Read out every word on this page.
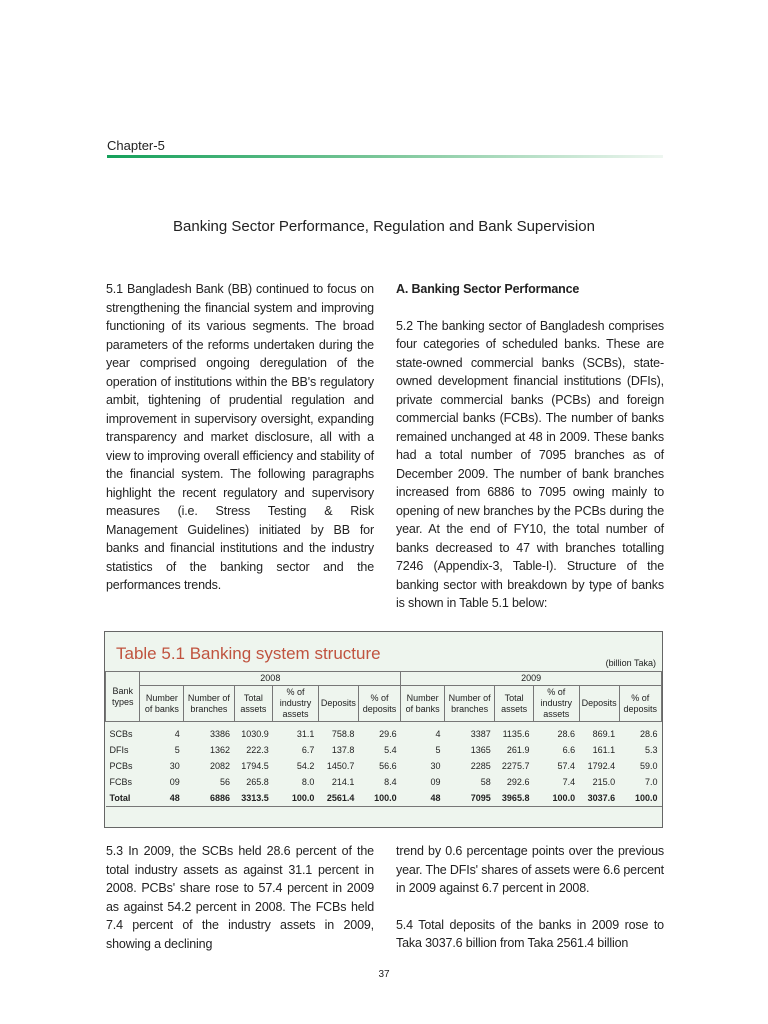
Chapter-5
Banking Sector Performance, Regulation and Bank Supervision

5.1 Bangladesh Bank (BB) continued to focus on strengthening the financial system and improving functioning of its various segments. The broad parameters of the reforms undertaken during the year comprised ongoing deregulation of the operation of institutions within the BB's regulatory ambit, tightening of prudential regulation and improvement in supervisory oversight, expanding transparency and market disclosure, all with a view to improving overall efficiency and stability of the financial system. The following paragraphs highlight the recent regulatory and supervisory measures (i.e. Stress Testing & Risk Management Guidelines) initiated by BB for banks and financial institutions and the industry statistics of the banking sector and the performances trends.

A. Banking Sector Performance

5.2 The banking sector of Bangladesh comprises four categories of scheduled banks. These are state-owned commercial banks (SCBs), state-owned development financial institutions (DFIs), private commercial banks (PCBs) and foreign commercial banks (FCBs). The number of banks remained unchanged at 48 in 2009. These banks had a total number of 7095 branches as of December 2009. The number of bank branches increased from 6886 to 7095 owing mainly to opening of new branches by the PCBs during the year. At the end of FY10, the total number of banks decreased to 47 with branches totalling 7246 (Appendix-3, Table-I). Structure of the banking sector with breakdown by type of banks is shown in Table 5.1 below:

Table 5.1 Banking system structure	(billion Taka)
Bank types	2008						2009					
	Number of banks	Number of branches	Total assets	% of industry assets	Deposits	% of deposits	Number of banks	Number of branches	Total assets	% of industry assets	Deposits	% of deposits
SCBs	4	3386	1030.9	31.1	758.8	29.6	4	3387	1135.6	28.6	869.1	28.6
DFIs	5	1362	222.3	6.7	137.8	5.4	5	1365	261.9	6.6	161.1	5.3
PCBs	30	2082	1794.5	54.2	1450.7	56.6	30	2285	2275.7	57.4	1792.4	59.0
FCBs	09	56	265.8	8.0	214.1	8.4	09	58	292.6	7.4	215.0	7.0
Total	48	6886	3313.5	100.0	2561.4	100.0	48	7095	3965.8	100.0	3037.6	100.0

5.3 In 2009, the SCBs held 28.6 percent of the total industry assets as against 31.1 percent in 2008. PCBs' share rose to 57.4 percent in 2009 as against 54.2 percent in 2008. The FCBs held 7.4 percent of the industry assets in 2009, showing a declining

trend by 0.6 percentage points over the previous year. The DFIs' shares of assets were 6.6 percent in 2009 against 6.7 percent in 2008.

5.4 Total deposits of the banks in 2009 rose to Taka 3037.6 billion from Taka 2561.4 billion

37
